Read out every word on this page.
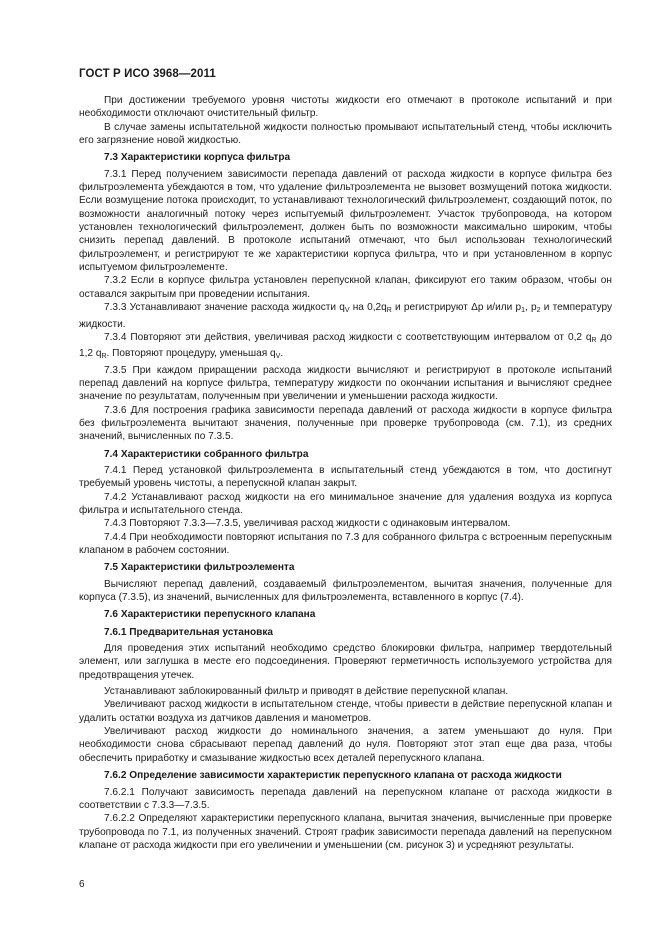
ГОСТ Р ИСО 3968—2011

При достижении требуемого уровня чистоты жидкости его отмечают в протоколе испытаний и при необходимости отключают очистительный фильтр.

В случае замены испытательной жидкости полностью промывают испытательный стенд, чтобы исключить его загрязнение новой жидкостью.

7.3 Характеристики корпуса фильтра

7.3.1 Перед получением зависимости перепада давлений от расхода жидкости в корпусе фильтра без фильтроэлемента убеждаются в том, что удаление фильтроэлемента не вызовет возмущений потока жидкости. Если возмущение потока происходит, то устанавливают технологический фильтроэлемент, создающий поток, по возможности аналогичный потоку через испытуемый фильтроэлемент. Участок трубопровода, на котором установлен технологический фильтроэлемент, должен быть по возможности максимально широким, чтобы снизить перепад давлений. В протоколе испытаний отмечают, что был использован технологический фильтроэлемент, и регистрируют те же характеристики корпуса фильтра, что и при установленном в корпус испытуемом фильтроэлементе.

7.3.2 Если в корпусе фильтра установлен перепускной клапан, фиксируют его таким образом, чтобы он оставался закрытым при проведении испытания.

7.3.3 Устанавливают значение расхода жидкости $q_V$ на $0,2q_R$ и регистрируют Δp и/или $p_1$, $p_2$ и температуру жидкости.

7.3.4 Повторяют эти действия, увеличивая расход жидкости с соответствующим интервалом от 0,2 $q_R$ до 1,2 $q_R$. Повторяют процедуру, уменьшая $q_V$.

7.3.5 При каждом приращении расхода жидкости вычисляют и регистрируют в протоколе испытаний перепад давлений на корпусе фильтра, температуру жидкости по окончании испытания и вычисляют среднее значение по результатам, полученным при увеличении и уменьшении расхода жидкости.

7.3.6 Для построения графика зависимости перепада давлений от расхода жидкости в корпусе фильтра без фильтроэлемента вычитают значения, полученные при проверке трубопровода (см. 7.1), из средних значений, вычисленных по 7.3.5.

7.4 Характеристики собранного фильтра

7.4.1 Перед установкой фильтроэлемента в испытательный стенд убеждаются в том, что достигнут требуемый уровень чистоты, а перепускной клапан закрыт.

7.4.2 Устанавливают расход жидкости на его минимальное значение для удаления воздуха из корпуса фильтра и испытательного стенда.

7.4.3 Повторяют 7.3.3—7.3.5, увеличивая расход жидкости с одинаковым интервалом.

7.4.4 При необходимости повторяют испытания по 7.3 для собранного фильтра с встроенным перепускным клапаном в рабочем состоянии.

7.5 Характеристики фильтроэлемента

Вычисляют перепад давлений, создаваемый фильтроэлементом, вычитая значения, полученные для корпуса (7.3.5), из значений, вычисленных для фильтроэлемента, вставленного в корпус (7.4).

7.6 Характеристики перепускного клапана
7.6.1 Предварительная установка

Для проведения этих испытаний необходимо средство блокировки фильтра, например твердотельный элемент, или заглушка в месте его подсоединения. Проверяют герметичность используемого устройства для предотвращения утечек.

Устанавливают заблокированный фильтр и приводят в действие перепускной клапан.

Увеличивают расход жидкости в испытательном стенде, чтобы привести в действие перепускной клапан и удалить остатки воздуха из датчиков давления и манометров.

Увеличивают расход жидкости до номинального значения, а затем уменьшают до нуля. При необходимости снова сбрасывают перепад давлений до нуля. Повторяют этот этап еще два раза, чтобы обеспечить приработку и смазывание жидкостью всех деталей перепускного клапана.

7.6.2 Определение зависимости характеристик перепускного клапана от расхода жидкости

7.6.2.1 Получают зависимость перепада давлений на перепускном клапане от расхода жидкости в соответствии с 7.3.3—7.3.5.

7.6.2.2 Определяют характеристики перепускного клапана, вычитая значения, вычисленные при проверке трубопровода по 7.1, из полученных значений. Строят график зависимости перепада давлений на перепускном клапане от расхода жидкости при его увеличении и уменьшении (см. рисунок 3) и усредняют результаты.

6
